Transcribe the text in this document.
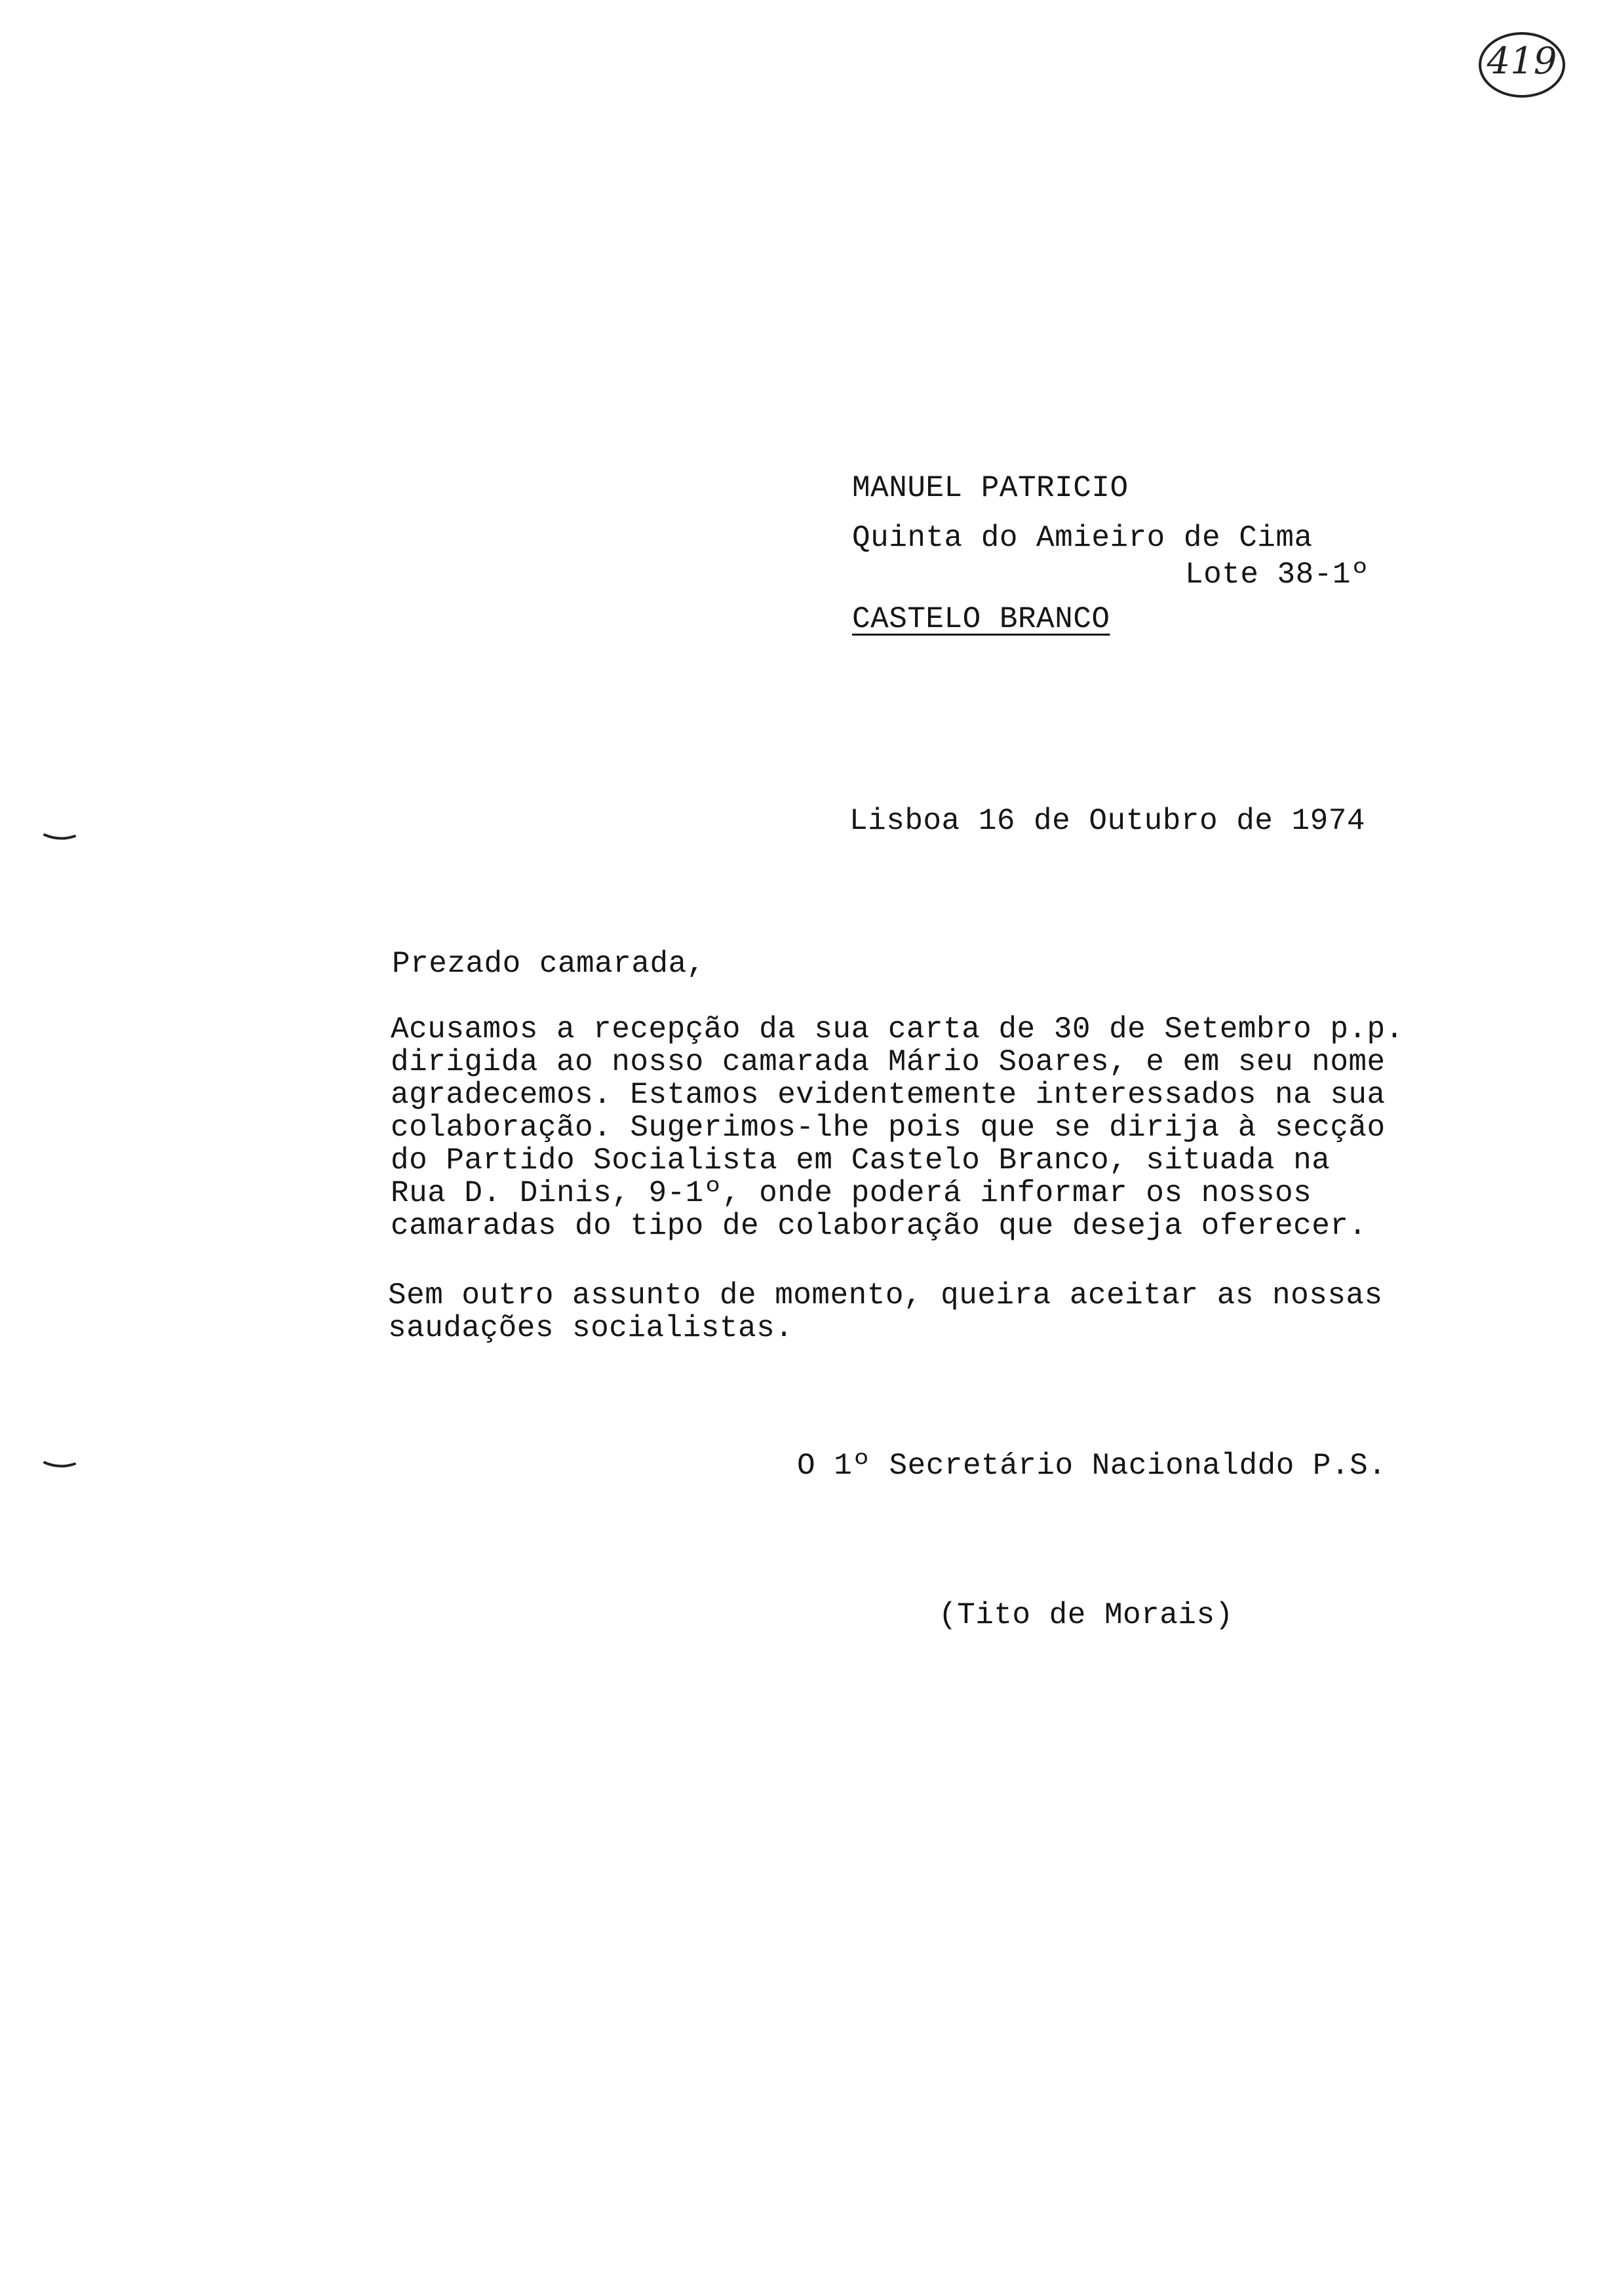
419
MANUEL PATRICIO
Quinta do Amieiro de Cima
Lote 38-1º
CASTELO BRANCO
Lisboa 16 de Outubro de 1974
Prezado camarada,
Acusamos a recepção da sua carta de 30 de Setembro p.p.
dirigida ao nosso camarada Mário Soares, e em seu nome
agradecemos. Estamos evidentemente interessados na sua
colaboração. Sugerimos-lhe pois que se dirija à secção
do Partido Socialista em Castelo Branco, situada na
Rua D. Dinis, 9-1º, onde poderá informar os nossos
camaradas do tipo de colaboração que deseja oferecer.
Sem outro assunto de momento, queira aceitar as nossas
saudações socialistas.
O 1º Secretário Nacionalddo P.S.
(Tito de Morais)
